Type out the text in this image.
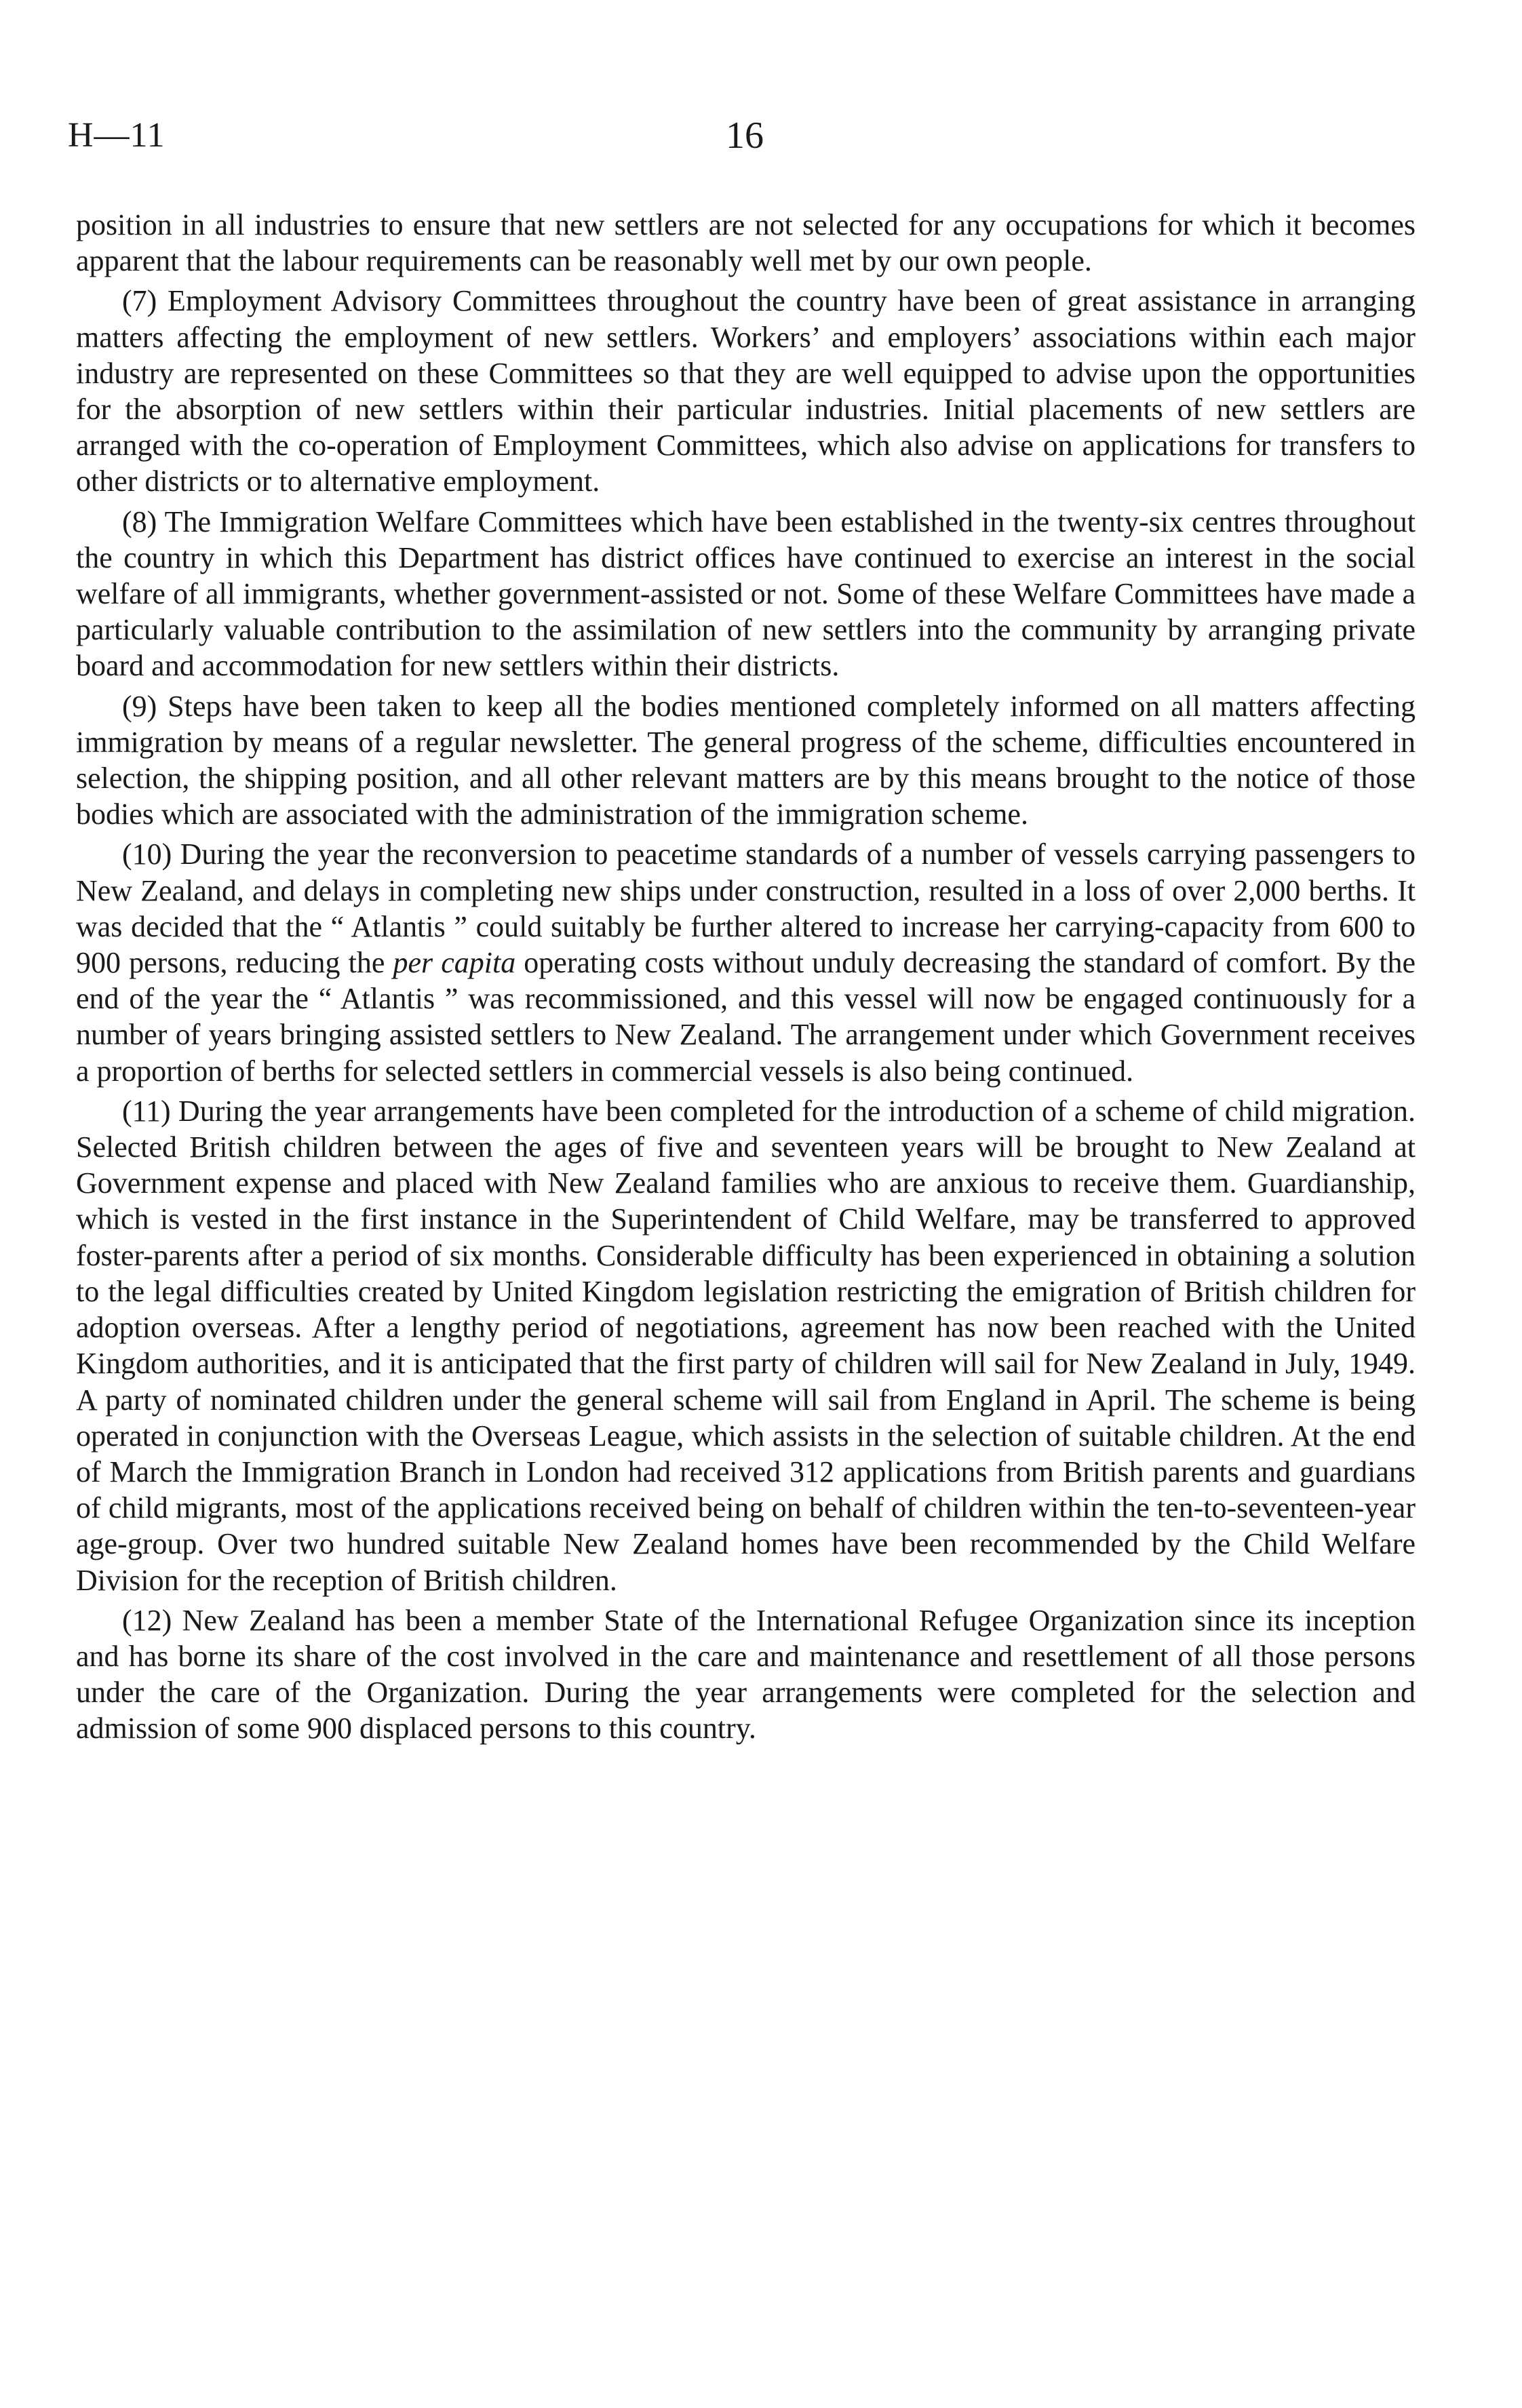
H—11	16

position in all industries to ensure that new settlers are not selected for any occupations for which it becomes apparent that the labour requirements can be reasonably well met by our own people.

(7) Employment Advisory Committees throughout the country have been of great assistance in arranging matters affecting the employment of new settlers. Workers’ and employers’ associations within each major industry are represented on these Committees so that they are well equipped to advise upon the opportunities for the absorption of new settlers within their particular industries. Initial placements of new settlers are arranged with the co-operation of Employment Committees, which also advise on applications for transfers to other districts or to alternative employment.

(8) The Immigration Welfare Committees which have been established in the twenty-six centres throughout the country in which this Department has district offices have continued to exercise an interest in the social welfare of all immigrants, whether government-assisted or not. Some of these Welfare Committees have made a particularly valuable contribution to the assimilation of new settlers into the community by arranging private board and accommodation for new settlers within their districts.

(9) Steps have been taken to keep all the bodies mentioned completely informed on all matters affecting immigration by means of a regular newsletter. The general progress of the scheme, difficulties encountered in selection, the shipping position, and all other relevant matters are by this means brought to the notice of those bodies which are associated with the administration of the immigration scheme.

(10) During the year the reconversion to peacetime standards of a number of vessels carrying passengers to New Zealand, and delays in completing new ships under construction, resulted in a loss of over 2,000 berths. It was decided that the “ Atlantis ” could suitably be further altered to increase her carrying-capacity from 600 to 900 persons, reducing the per capita operating costs without unduly decreasing the standard of comfort. By the end of the year the “ Atlantis ” was recommissioned, and this vessel will now be engaged continuously for a number of years bringing assisted settlers to New Zealand. The arrangement under which Government receives a proportion of berths for selected settlers in commercial vessels is also being continued.

(11) During the year arrangements have been completed for the introduction of a scheme of child migration. Selected British children between the ages of five and seventeen years will be brought to New Zealand at Government expense and placed with New Zealand families who are anxious to receive them. Guardianship, which is vested in the first instance in the Superintendent of Child Welfare, may be transferred to approved foster-parents after a period of six months. Considerable difficulty has been experienced in obtaining a solution to the legal difficulties created by United Kingdom legislation restricting the emigration of British children for adoption overseas. After a lengthy period of negotiations, agreement has now been reached with the United Kingdom authorities, and it is anticipated that the first party of children will sail for New Zealand in July, 1949. A party of nominated children under the general scheme will sail from England in April. The scheme is being operated in conjunction with the Overseas League, which assists in the selection of suitable children. At the end of March the Immigration Branch in London had received 312 applications from British parents and guardians of child migrants, most of the applications received being on behalf of children within the ten-to-seventeen-year age-group. Over two hundred suitable New Zealand homes have been recommended by the Child Welfare Division for the reception of British children.

(12) New Zealand has been a member State of the International Refugee Organization since its inception and has borne its share of the cost involved in the care and maintenance and resettlement of all those persons under the care of the Organization. During the year arrangements were completed for the selection and admission of some 900 displaced persons to this country.
